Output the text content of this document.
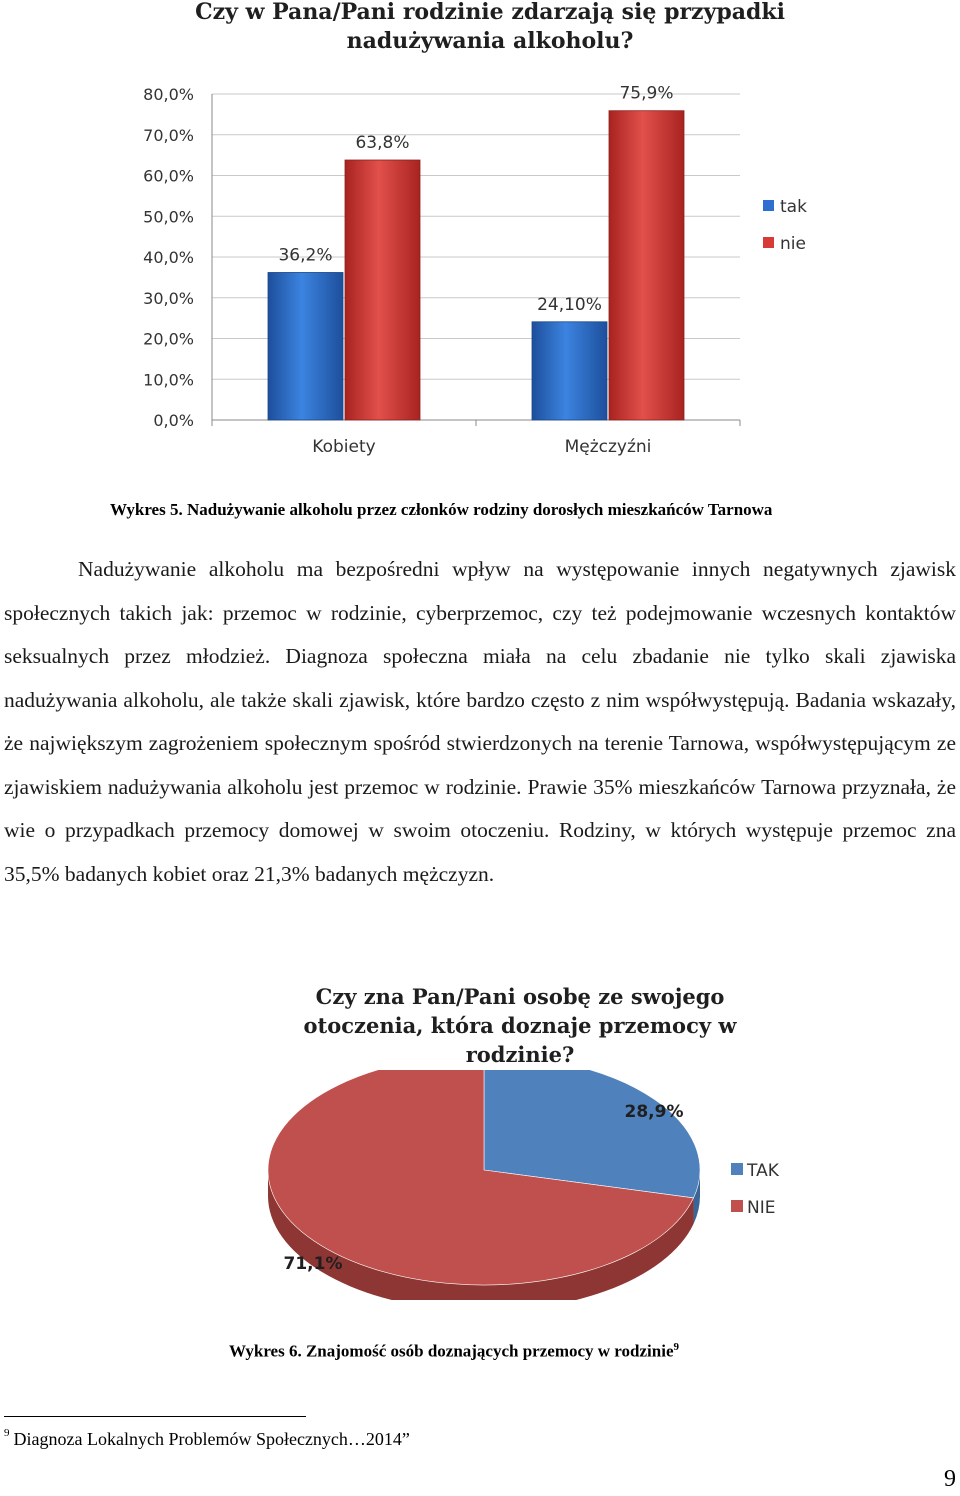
Czy w Pana/Pani rodzinie zdarzają się przypadki nadużywania alkoholu?
0,0%
10,0%
20,0%
30,0%
40,0%
50,0%
60,0%
70,0%
80,0%
36,2%
63,8%
24,10%
75,9%
Kobiety	Mężczyźni
tak
nie
Wykres 5. Nadużywanie alkoholu przez członków rodziny dorosłych mieszkańców Tarnowa

Nadużywanie alkoholu ma bezpośredni wpływ na występowanie innych negatywnych zjawisk społecznych takich jak: przemoc w rodzinie, cyberprzemoc, czy też podejmowanie wczesnych kontaktów seksualnych przez młodzież. Diagnoza społeczna miała na celu zbadanie nie tylko skali zjawiska nadużywania alkoholu, ale także skali zjawisk, które bardzo często z nim współwystępują. Badania wskazały, że największym zagrożeniem społecznym spośród stwierdzonych na terenie Tarnowa, współwystępującym ze zjawiskiem nadużywania alkoholu jest przemoc w rodzinie. Prawie 35% mieszkańców Tarnowa przyznała, że wie o przypadkach przemocy domowej w swoim otoczeniu. Rodziny, w których występuje przemoc zna 35,5% badanych kobiet oraz 21,3% badanych mężczyzn.

Czy zna Pan/Pani osobę ze swojego otoczenia, która doznaje przemocy w rodzinie?
28,9%
71,1%
TAK
NIE
Wykres 6. Znajomość osób doznających przemocy w rodzinie$^9$
$^9$ Diagnoza Lokalnych Problemów Społecznych…2014”
9
